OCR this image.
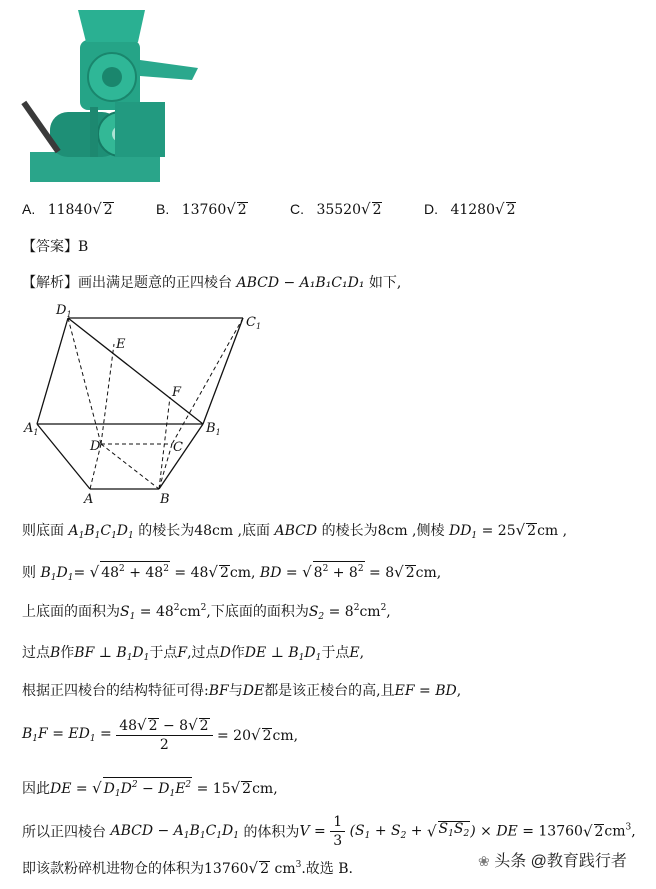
A. 11840√ 2	B. 13760√ 2	C. 35520√ 2	D. 41280√ 2
【答案】B
【解析】画出满足题意的正四棱台 ABCD − A₁B₁C₁D₁ 如下,
$D_1$
$C_1$
E
F
$A_1$	$B_1$
D	C
A	B
则底面 $A_1B_1C_1D_1$ 的棱长为48cm ,底面 ABCD 的棱长为8cm ,侧棱 $DD_1 = 25√$ 2cm ,
则 $B_1D_1=$ √ $48^2 + 48^2 = 48√$ 2cm, BD = √ $8^2 + 8^2 = 8√$ 2cm,
上底面的面积为$S_1 = 48^2cm^2$,下底面的面积为$S_2 = 8^2cm^2$,
过点B作BF ⊥ $B_1D_1$于点F,过点D作DE ⊥ $B_1D_1$于点E,
根据正四棱台的结构特征可得:BF与DE都是该正棱台的高,且EF = BD,
$B_1F = ED_1 = \frac{48√ 2 - 8√ 2}{2} = 20√$ 2cm,
因此DE = √ $D_1D^2 - D_1E^2 = 15√$ 2cm,
所以正四棱台 ABCD − $A_1B_1C_1D_1$ 的体积为$V = \frac{1}{3} (S_1 + S_2$ + √ $S_1S_2$) × DE = 13760√ $2cm^3$,
即该款粉碎机进物仓的体积为13760√ 2 $cm^3$.故选 B.	❀ 头条 @教育践行者
